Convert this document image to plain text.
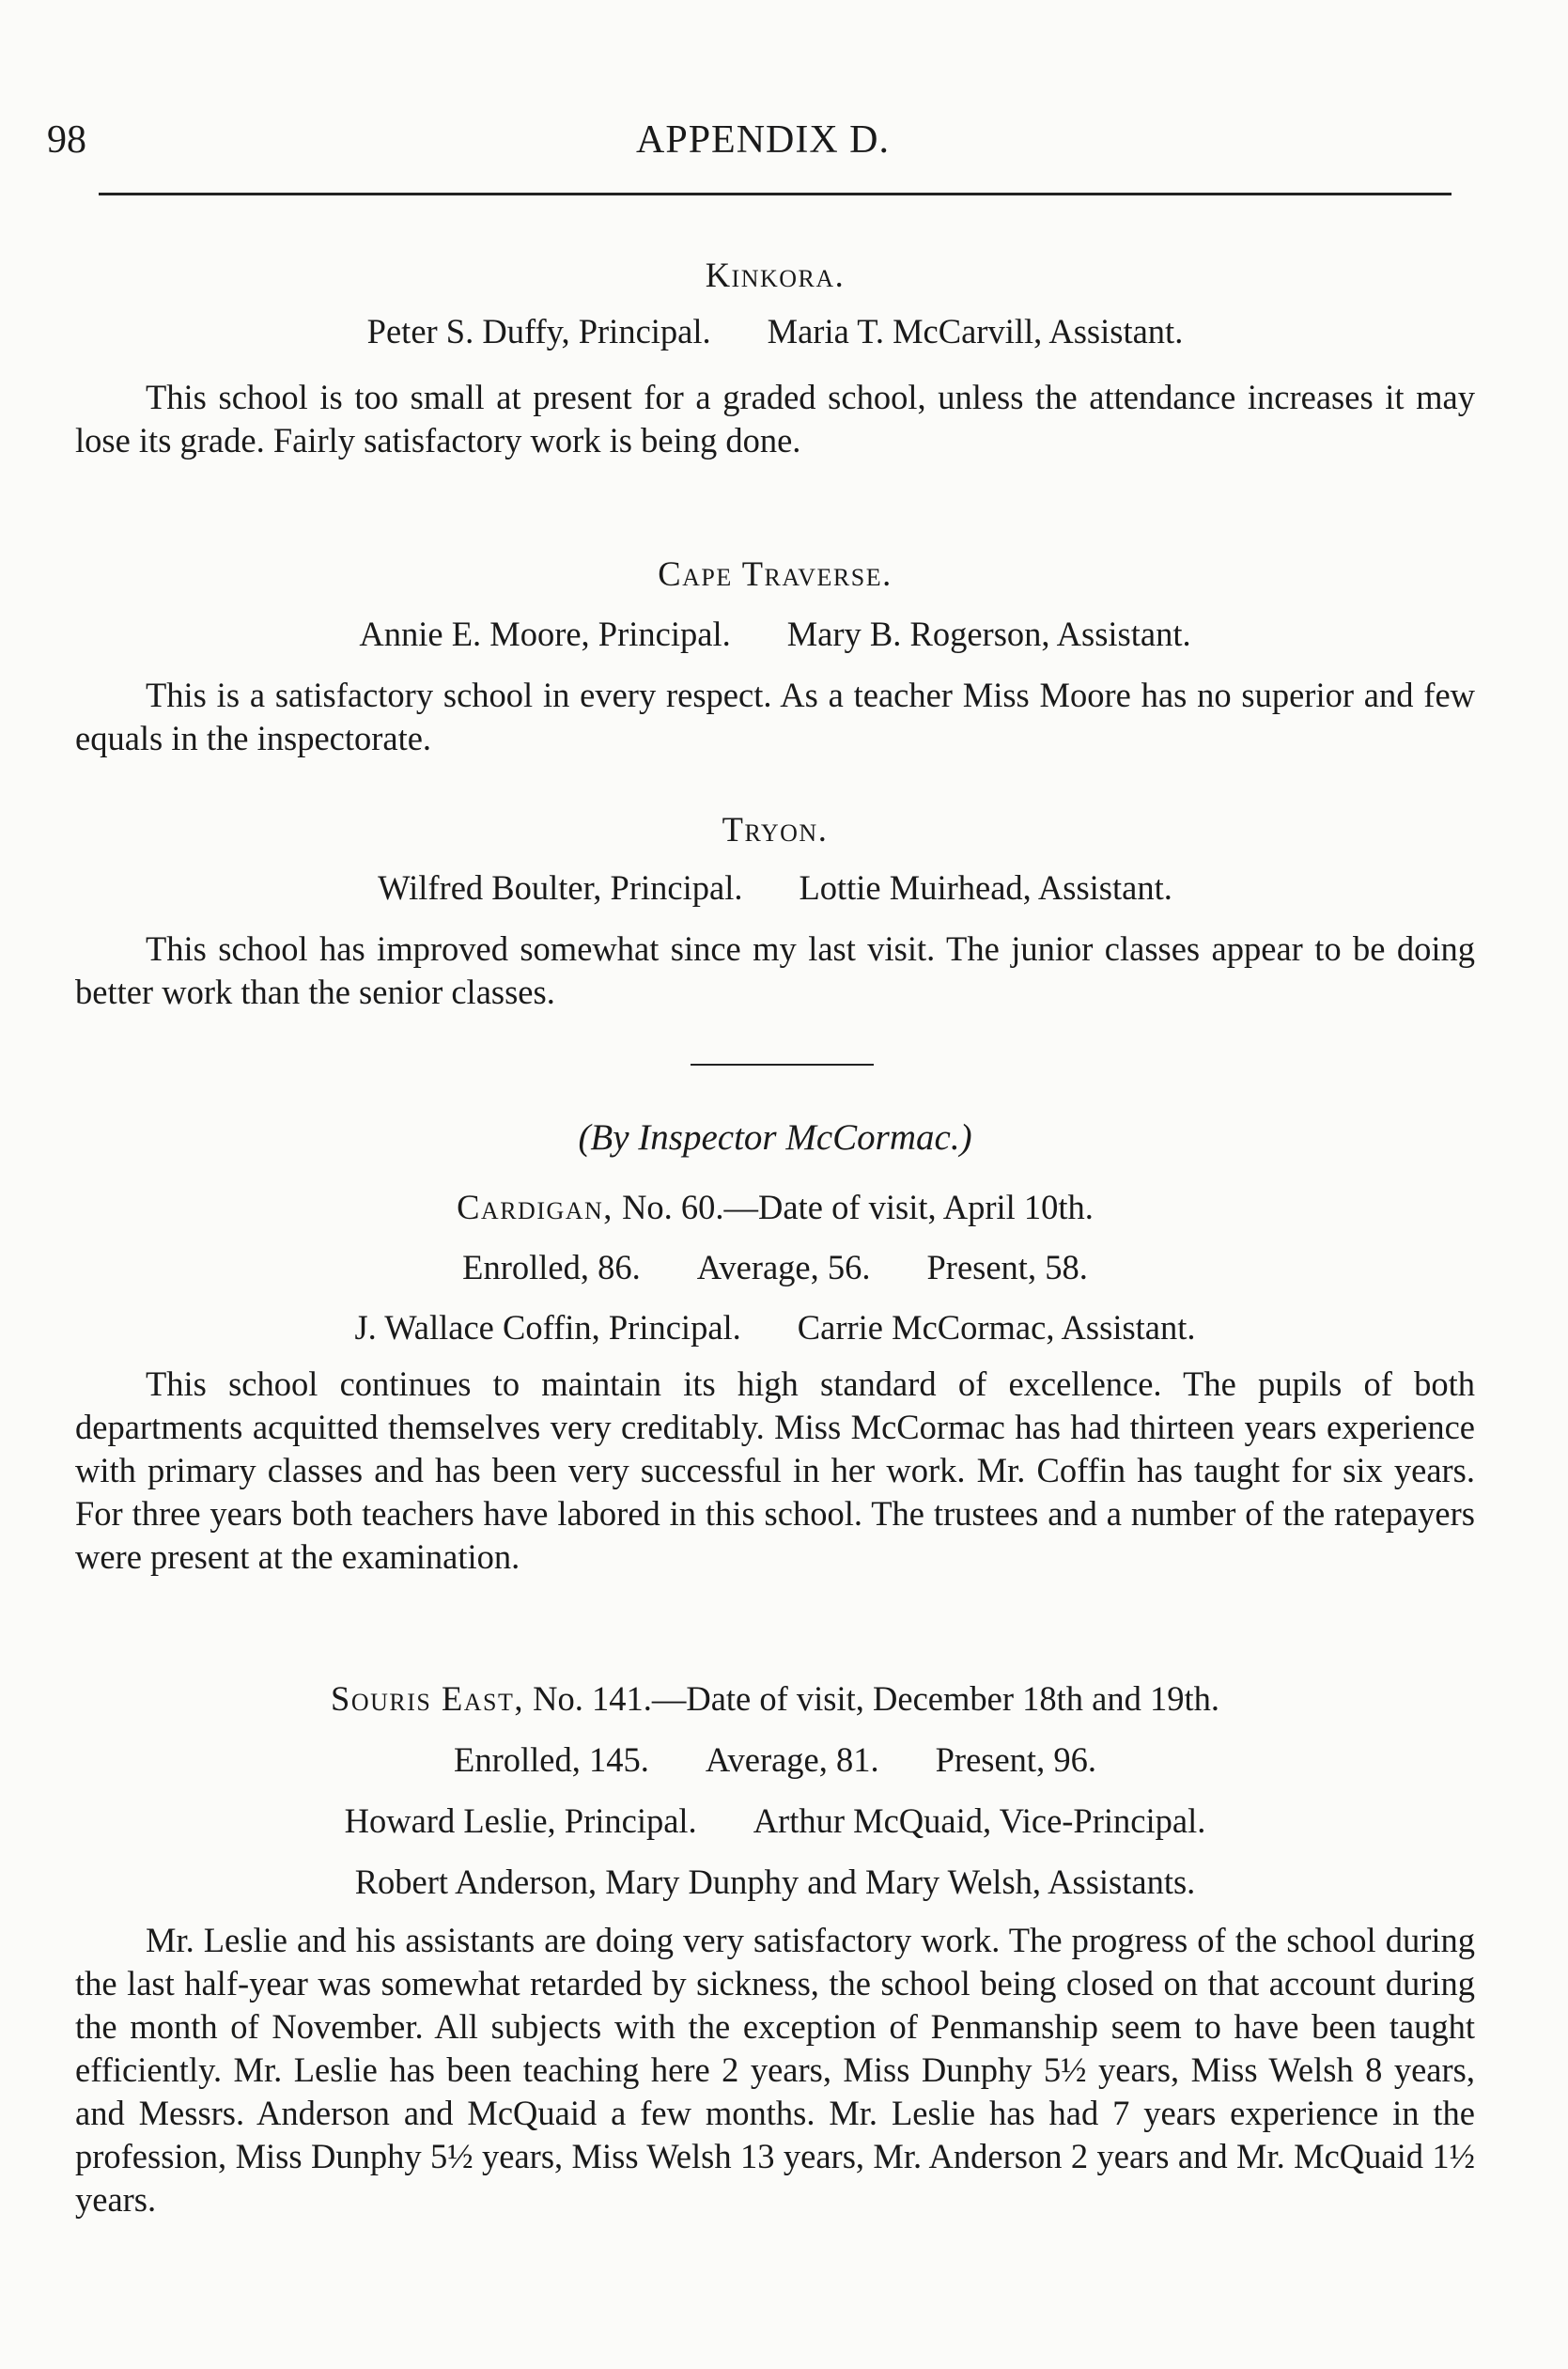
98	APPENDIX D.
Kinkora.
Peter S. Duffy, Principal. Maria T. McCarvill, Assistant.
This school is too small at present for a graded school, unless the attendance increases it may lose its grade. Fairly satisfactory work is being done.
Cape Traverse.
Annie E. Moore, Principal. Mary B. Rogerson, Assistant.
This is a satisfactory school in every respect. As a teacher Miss Moore has no superior and few equals in the inspectorate.
Tryon.
Wilfred Boulter, Principal. Lottie Muirhead, Assistant.
This school has improved somewhat since my last visit. The junior classes appear to be doing better work than the senior classes.
(By Inspector McCormac.)
Cardigan, No. 60.—Date of visit, April 10th.
Enrolled, 86. Average, 56. Present, 58.
J. Wallace Coffin, Principal. Carrie McCormac, Assistant.
This school continues to maintain its high standard of excellence. The pupils of both departments acquitted themselves very creditably. Miss McCormac has had thirteen years experience with primary classes and has been very successful in her work. Mr. Coffin has taught for six years. For three years both teachers have labored in this school. The trustees and a number of the ratepayers were present at the examination.
Souris East, No. 141.—Date of visit, December 18th and 19th.
Enrolled, 145. Average, 81. Present, 96.
Howard Leslie, Principal. Arthur McQuaid, Vice-Principal.
Robert Anderson, Mary Dunphy and Mary Welsh, Assistants.
Mr. Leslie and his assistants are doing very satisfactory work. The progress of the school during the last half-year was somewhat retarded by sickness, the school being closed on that account during the month of November. All subjects with the exception of Penmanship seem to have been taught efficiently. Mr. Leslie has been teaching here 2 years, Miss Dunphy 5½ years, Miss Welsh 8 years, and Messrs. Anderson and McQuaid a few months. Mr. Leslie has had 7 years experience in the profession, Miss Dunphy 5½ years, Miss Welsh 13 years, Mr. Anderson 2 years and Mr. McQuaid 1½ years.
